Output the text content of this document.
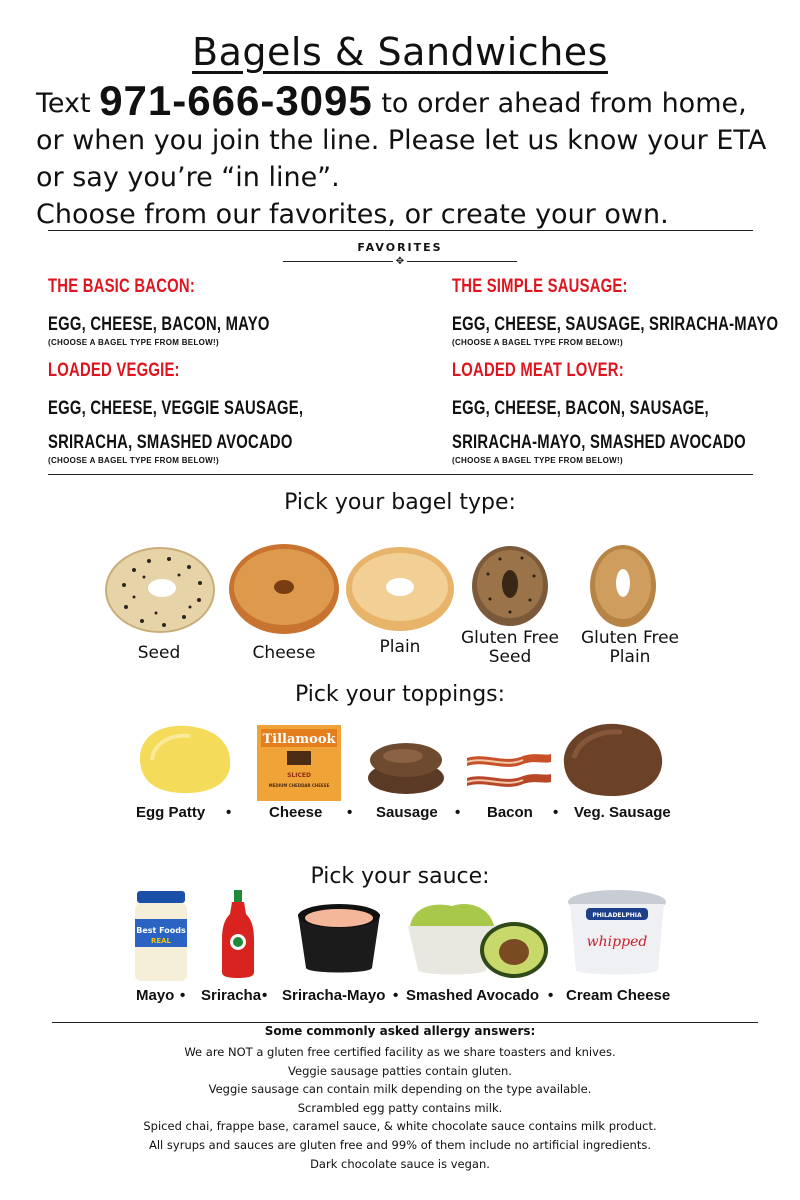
Bagels & Sandwiches
Text 971-666-3095 to order ahead from home, or when you join the line. Please let us know your ETA or say you’re “in line”.
Choose from our favorites, or create your own.
FAVORITES
✥
THE BASIC BACON:
EGG, CHEESE, BACON, MAYO
(CHOOSE A BAGEL TYPE FROM BELOW!)
THE SIMPLE SAUSAGE:
EGG, CHEESE, SAUSAGE, SRIRACHA-MAYO
(CHOOSE A BAGEL TYPE FROM BELOW!)
LOADED VEGGIE:
EGG, CHEESE, VEGGIE SAUSAGE, SRIRACHA, SMASHED AVOCADO
(CHOOSE A BAGEL TYPE FROM BELOW!)
LOADED MEAT LOVER:
EGG, CHEESE, BACON, SAUSAGE, SRIRACHA-MAYO, SMASHED AVOCADO
(CHOOSE A BAGEL TYPE FROM BELOW!)
Pick your bagel type:
Seed	Cheese	Plain	Gluten Free Seed
Gluten Free Plain
Pick your toppings:
Tillamook
SLICED
MEDIUM CHEDDAR CHEESE
Egg Patty •	Cheese • Sausage • Bacon • Veg. Sausage
Pick your sauce:
Best Foods
REAL
PHILADELPHIA
whipped
Mayo • Sriracha • Sriracha-Mayo • Smashed Avocado • Cream Cheese
Some commonly asked allergy answers:
We are NOT a gluten free certified facility as we share toasters and knives.
Veggie sausage patties contain gluten.
Veggie sausage can contain milk depending on the type available.
Scrambled egg patty contains milk.
Spiced chai, frappe base, caramel sauce, & white chocolate sauce contains milk product.
All syrups and sauces are gluten free and 99% of them include no artificial ingredients.
Dark chocolate sauce is vegan.
